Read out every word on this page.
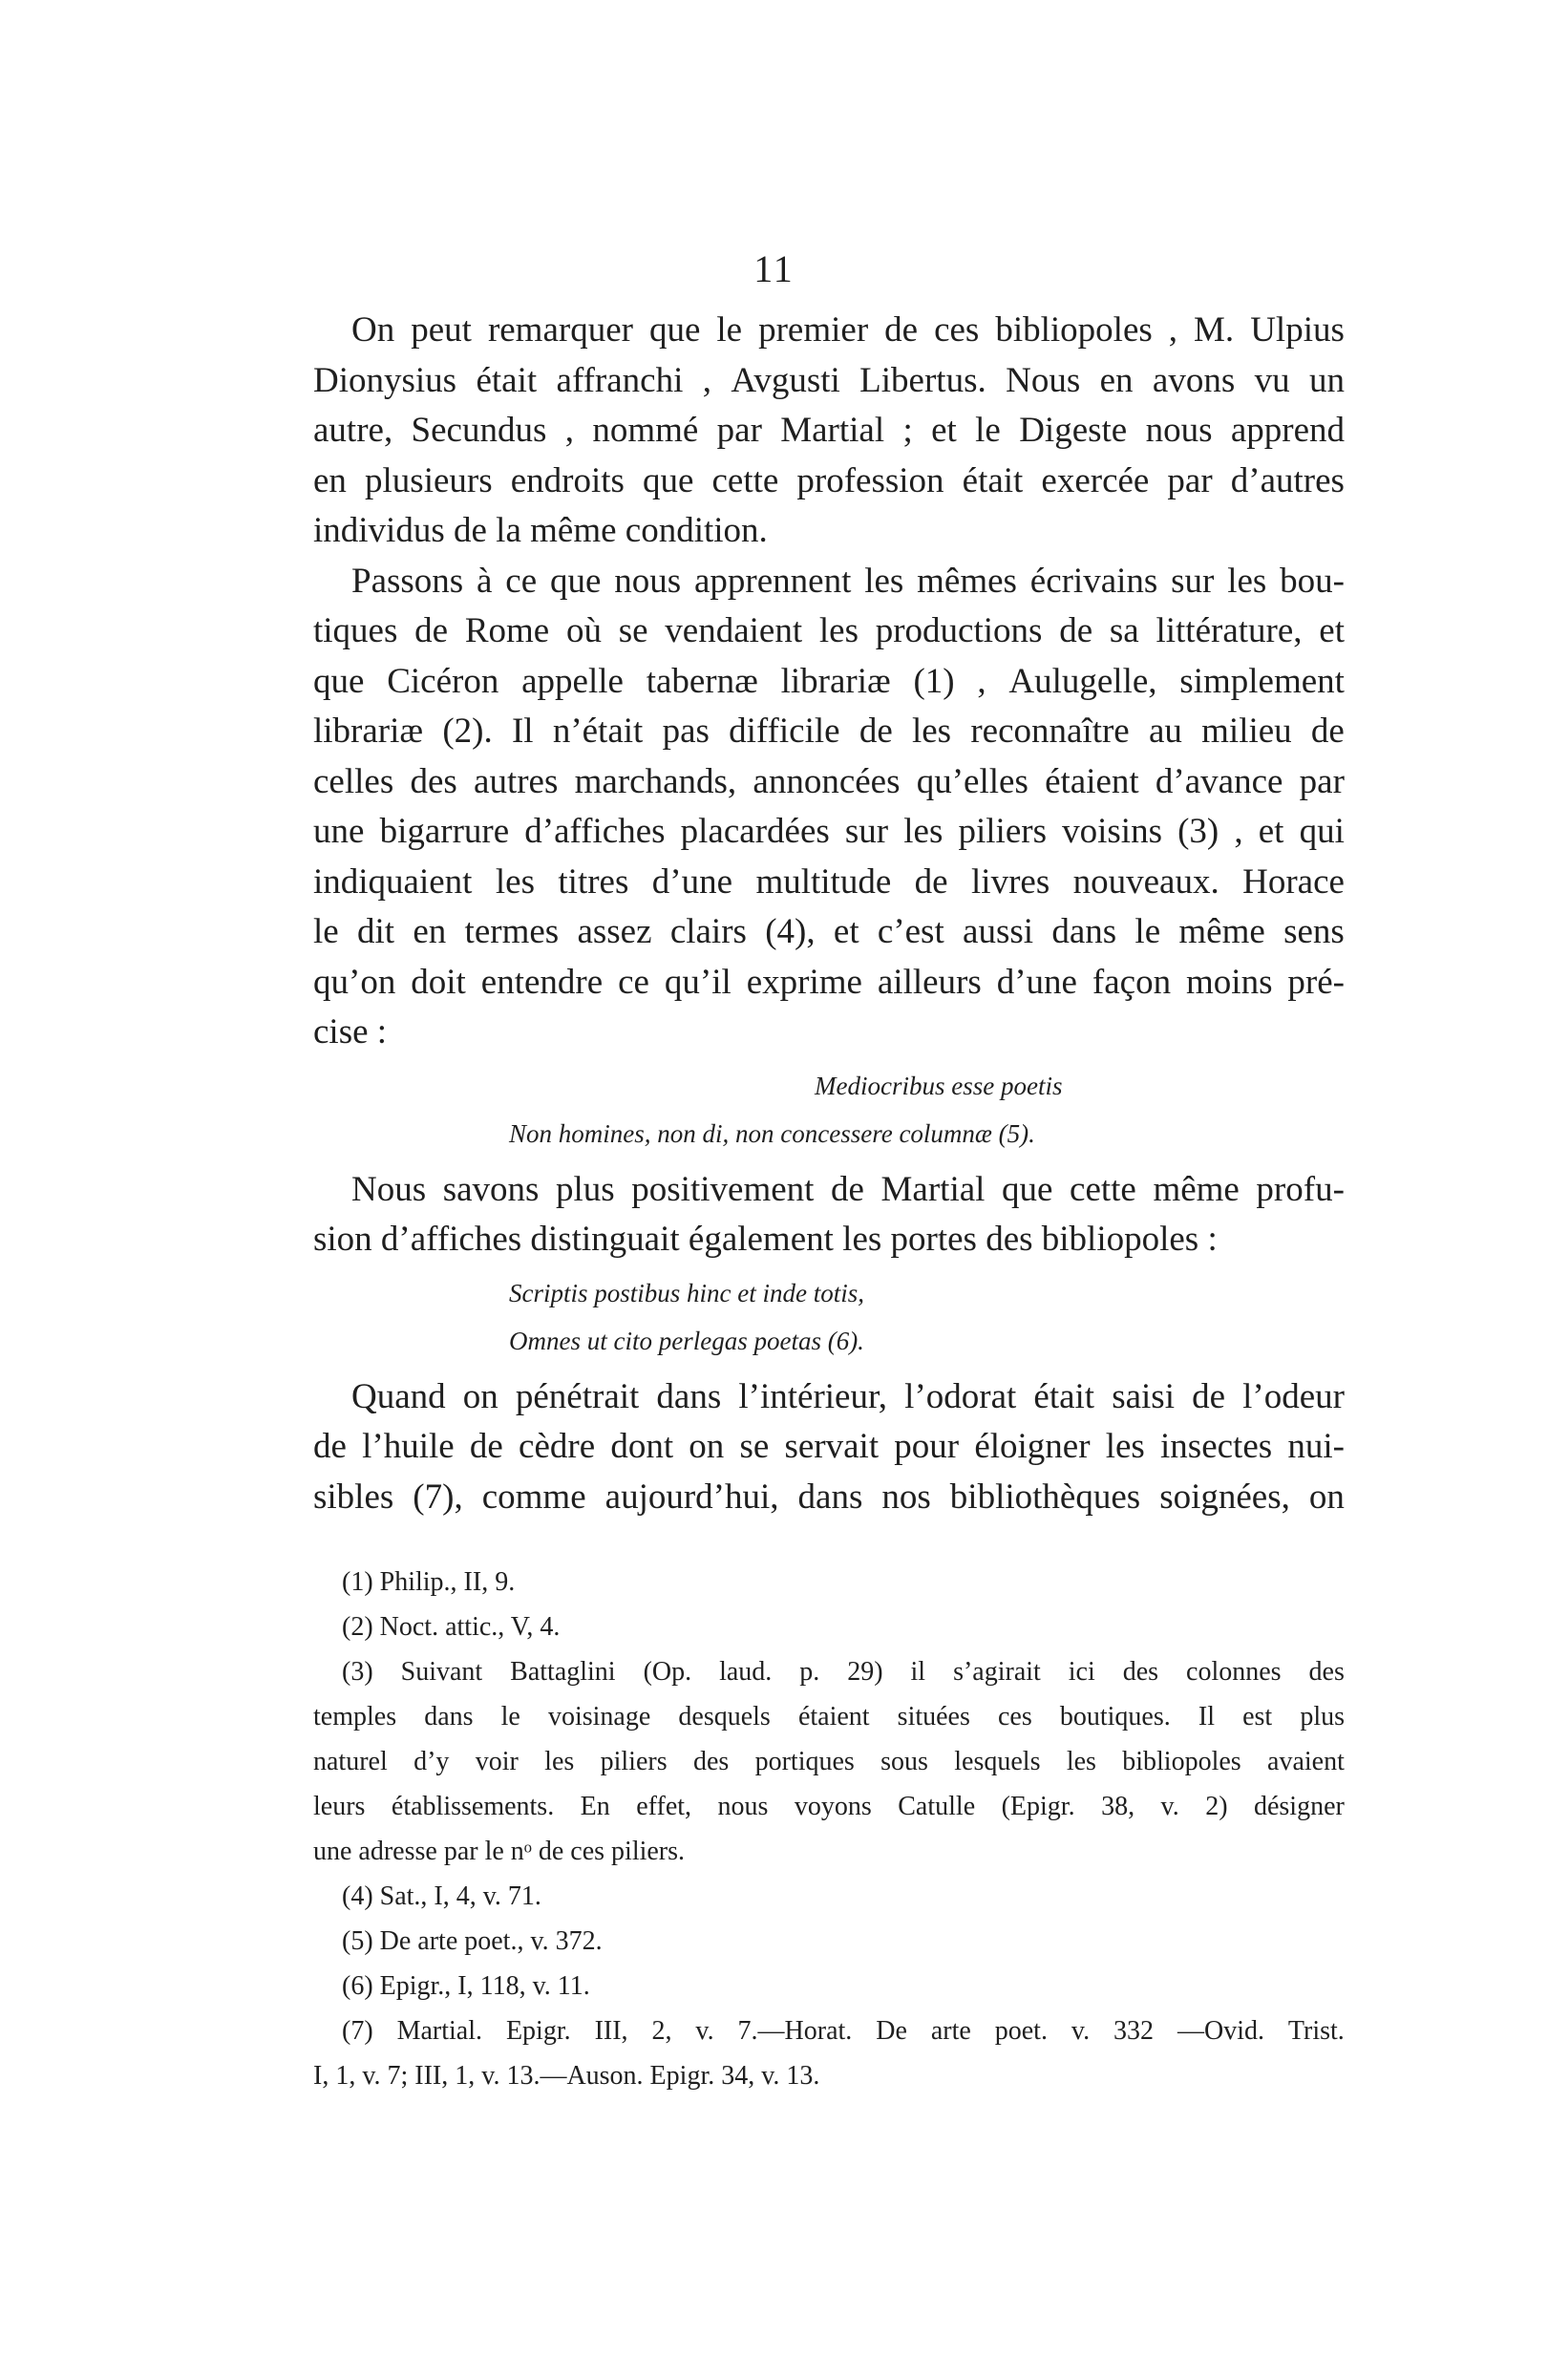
11
On peut remarquer que le premier de ces bibliopoles , M. Ulpius
Dionysius était affranchi , Avgusti Libertus. Nous en avons vu un
autre, Secundus , nommé par Martial ; et le Digeste nous apprend
en plusieurs endroits que cette profession était exercée par d’autres
individus de la même condition.
Passons à ce que nous apprennent les mêmes écrivains sur les bou-
tiques de Rome où se vendaient les productions de sa littérature, et
que Cicéron appelle tabernæ librariæ (1) , Aulugelle, simplement
librariæ (2). Il n’était pas difficile de les reconnaître au milieu de
celles des autres marchands, annoncées qu’elles étaient d’avance par
une bigarrure d’affiches placardées sur les piliers voisins (3) , et qui
indiquaient les titres d’une multitude de livres nouveaux. Horace
le dit en termes assez clairs (4), et c’est aussi dans le même sens
qu’on doit entendre ce qu’il exprime ailleurs d’une façon moins pré-
cise :
Mediocribus esse poetis
Non homines, non di, non concessere columnæ (5).
Nous savons plus positivement de Martial que cette même profu-
sion d’affiches distinguait également les portes des bibliopoles :
Scriptis postibus hinc et inde totis,
Omnes ut cito perlegas poetas (6).
Quand on pénétrait dans l’intérieur, l’odorat était saisi de l’odeur
de l’huile de cèdre dont on se servait pour éloigner les insectes nui-
sibles (7), comme aujourd’hui, dans nos bibliothèques soignées, on
(1) Philip., II, 9.
(2) Noct. attic., V, 4.
(3) Suivant Battaglini (Op. laud. p. 29) il s’agirait ici des colonnes des
temples dans le voisinage desquels étaient situées ces boutiques. Il est plus
naturel d’y voir les piliers des portiques sous lesquels les bibliopoles avaient
leurs établissements. En effet, nous voyons Catulle (Epigr. 38, v. 2) désigner
une adresse par le nᵒ de ces piliers.
(4) Sat., I, 4, v. 71.
(5) De arte poet., v. 372.
(6) Epigr., I, 118, v. 11.
(7) Martial. Epigr. III, 2, v. 7.—Horat. De arte poet. v. 332 —Ovid. Trist.
I, 1, v. 7; III, 1, v. 13.—Auson. Epigr. 34, v. 13.
